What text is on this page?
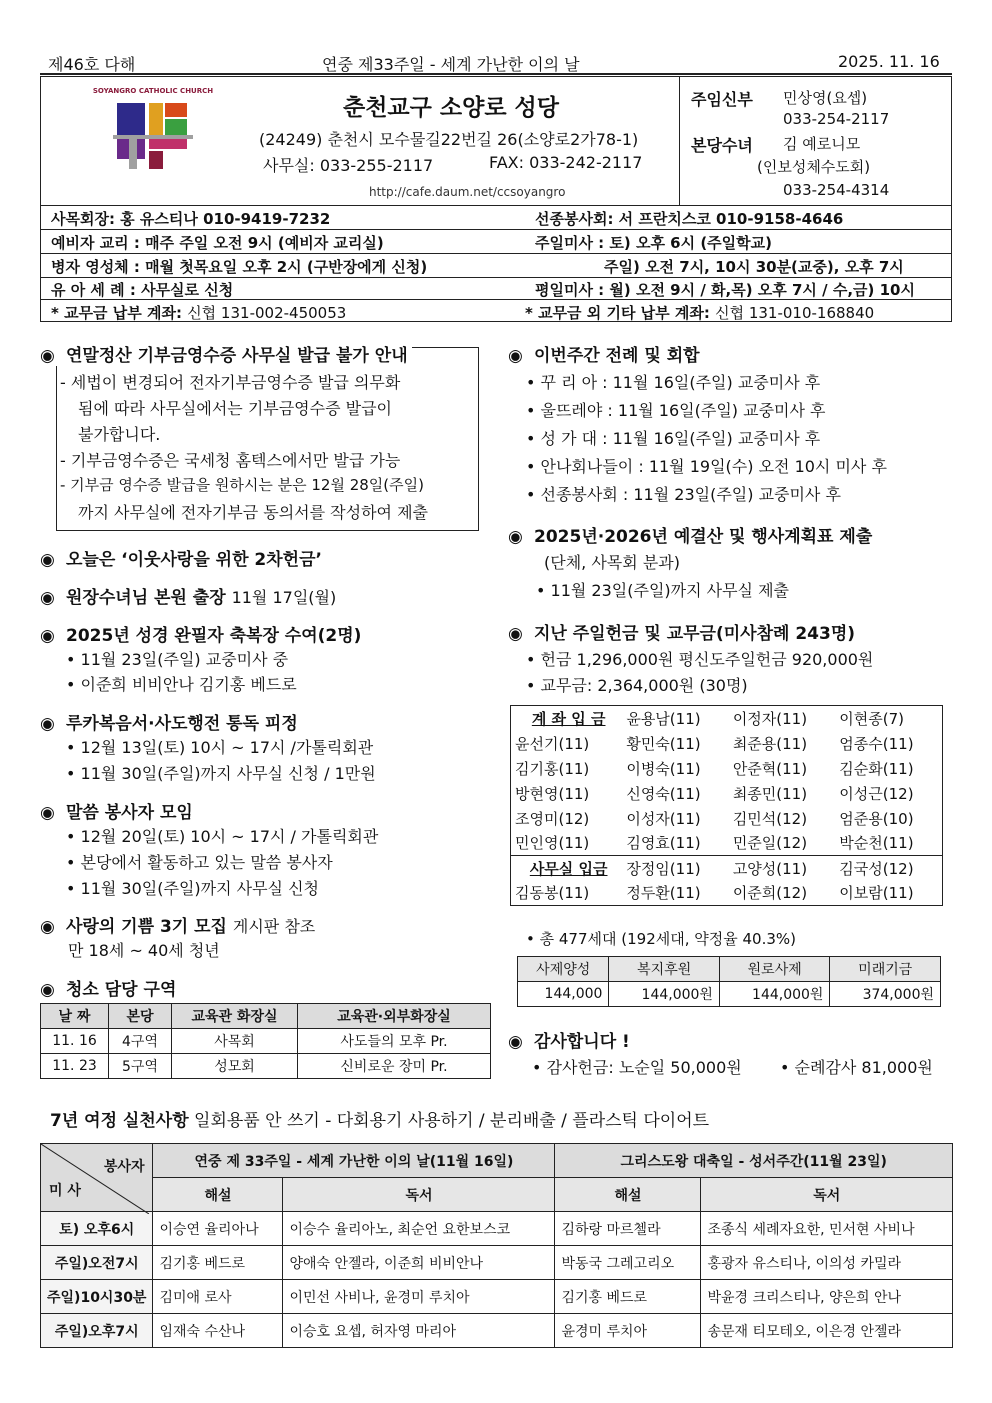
제46호 다해	연중 제33주일 - 세계 가난한 이의 날	2025. 11. 16
SOYANGRO CATHOLIC CHURCH
춘천교구 소양로 성당
(24249) 춘천시 모수물길22번길 26(소양로2가78-1)
사무실: 033-255-2117	FAX: 033-242-2117
http://cafe.daum.net/ccsoyangro
주임신부 민상영(요셉)
033-254-2117
본당수녀 김 예로니모
(인보성체수도회)
033-254-4314
사목회장: 홍 유스티나 010-9419-7232	선종봉사회: 서 프란치스코 010-9158-4646
예비자 교리 : 매주 주일 오전 9시 (예비자 교리실)	주일미사 : 토) 오후 6시 (주일학교)
병자 영성체 : 매월 첫목요일 오후 2시 (구반장에게 신청)	주일) 오전 7시, 10시 30분(교중), 오후 7시
유 아 세 례 : 사무실로 신청	평일미사 : 월) 오전 9시 / 화,목) 오후 7시 / 수,금) 10시
* 교무금 납부 계좌: 신협 131-002-450053	* 교무금 외 기타 납부 계좌: 신협 131-010-168840
◉ 연말정산 기부금영수증 사무실 발급 불가 안내
- 세법이 변경되어 전자기부금영수증 발급 의무화
됨에 따라 사무실에서는 기부금영수증 발급이
불가합니다.
- 기부금영수증은 국세청 홈텍스에서만 발급 가능
- 기부금 영수증 발급을 원하시는 분은 12월 28일(주일)
까지 사무실에 전자기부금 동의서를 작성하여 제출
◉ 오늘은 ‘이웃사랑을 위한 2차헌금’
◉ 원장수녀님 본원 출장 11월 17일(월)
◉ 2025년 성경 완필자 축복장 수여(2명)
• 11월 23일(주일) 교중미사 중
• 이준희 비비안나 김기홍 베드로
◉ 루카복음서·사도행전 통독 피정
• 12월 13일(토) 10시 ~ 17시 /가톨릭회관
• 11월 30일(주일)까지 사무실 신청 / 1만원
◉ 말씀 봉사자 모임
• 12월 20일(토) 10시 ~ 17시 / 가톨릭회관
• 본당에서 활동하고 있는 말씀 봉사자
• 11월 30일(주일)까지 사무실 신청
◉ 사랑의 기쁨 3기 모집 게시판 참조
만 18세 ~ 40세 청년
◉ 청소 담당 구역
날 짜	본당	교육관 화장실	교육관·외부화장실
11. 16	4구역	사목회	사도들의 모후 Pr.
11. 23	5구역	성모회	신비로운 장미 Pr.
◉ 이번주간 전례 및 회합
• 꾸 리 아 : 11월 16일(주일) 교중미사 후
• 울뜨레야 : 11월 16일(주일) 교중미사 후
• 성 가 대 : 11월 16일(주일) 교중미사 후
• 안나회나들이 : 11월 19일(수) 오전 10시 미사 후
• 선종봉사회 : 11월 23일(주일) 교중미사 후
◉ 2025년·2026년 예결산 및 행사계획표 제출
(단체, 사목회 분과)
• 11월 23일(주일)까지 사무실 제출
◉ 지난 주일헌금 및 교무금(미사참례 243명)
• 헌금 1,296,000원 평신도주일헌금 920,000원
• 교무금: 2,364,000원 (30명)
계 좌 입 금	윤용남(11)	이정자(11)	이현종(7)
윤선기(11)	황민숙(11)	최준용(11)	엄종수(11)
김기홍(11)	이병숙(11)	안준혁(11)	김순화(11)
방현영(11)	신영숙(11)	최종민(11)	이성근(12)
조영미(12)	이성자(11)	김민석(12)	엄준용(10)
민인영(11)	김영효(11)	민준일(12)	박순천(11)
사무실 입금	장정임(11)	고양성(11)	김국성(12)
김동봉(11)	정두환(11)	이준희(12)	이보람(11)
• 총 477세대 (192세대, 약정율 40.3%)
사제양성	복지후원	원로사제	미래기금
144,000	144,000원	144,000원	374,000원
◉ 감사합니다 !
• 감사헌금: 노순일 50,000원 • 순례감사 81,000원
7년 여정 실천사항 일회용품 안 쓰기 - 다회용기 사용하기 / 분리배출 / 플라스틱 다이어트
봉사자
미 사	연중 제 33주일 - 세계 가난한 이의 날(11월 16일)		그리스도왕 대축일 - 성서주간(11월 23일)	
	해설	독서	해설	독서
토) 오후6시	이승연 율리아나	이승수 율리아노, 최순언 요한보스코	김하랑 마르첼라	조종식 세례자요한, 민서현 사비나
주일)오전7시	김기홍 베드로	양애숙 안젤라, 이준희 비비안나	박동국 그레고리오	홍광자 유스티나, 이의성 카밀라
주일)10시30분	김미애 로사	이민선 사비나, 윤경미 루치아	김기홍 베드로	박윤경 크리스티나, 양은희 안나
주일)오후7시	임재숙 수산나	이승호 요셉, 허자영 마리아	윤경미 루치아	송문재 티모테오, 이은경 안젤라
